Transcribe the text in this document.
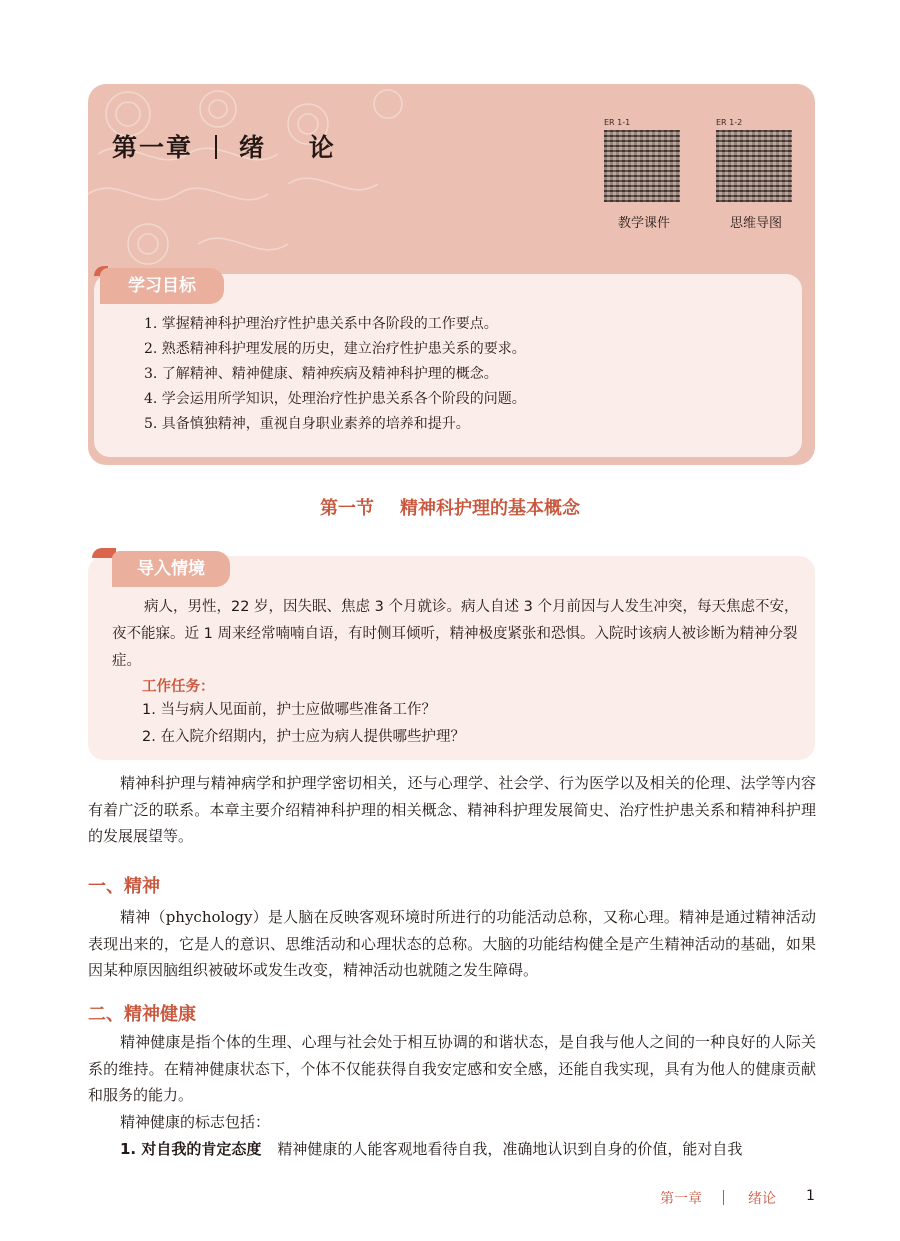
第一章 绪 论
ER 1-1
教学课件
ER 1-2
思维导图
学习目标
1. 掌握精神科护理治疗性护患关系中各阶段的工作要点。
2. 熟悉精神科护理发展的历史，建立治疗性护患关系的要求。
3. 了解精神、精神健康、精神疾病及精神科护理的概念。
4. 学会运用所学知识，处理治疗性护患关系各个阶段的问题。
5. 具备慎独精神，重视自身职业素养的培养和提升。
第一节 精神科护理的基本概念
导入情境

病人，男性，22 岁，因失眠、焦虑 3 个月就诊。病人自述 3 个月前因与人发生冲突，每天焦虑不安，夜不能寐。近 1 周来经常喃喃自语，有时侧耳倾听，精神极度紧张和恐惧。入院时该病人被诊断为精神分裂症。

工作任务：
1. 当与病人见面前，护士应做哪些准备工作？
2. 在入院介绍期内，护士应为病人提供哪些护理？

精神科护理与精神病学和护理学密切相关，还与心理学、社会学、行为医学以及相关的伦理、法学等内容有着广泛的联系。本章主要介绍精神科护理的相关概念、精神科护理发展简史、治疗性护患关系和精神科护理的发展展望等。

一、精神

精神（phychology）是人脑在反映客观环境时所进行的功能活动总称，又称心理。精神是通过精神活动表现出来的，它是人的意识、思维活动和心理状态的总称。大脑的功能结构健全是产生精神活动的基础，如果因某种原因脑组织被破坏或发生改变，精神活动也就随之发生障碍。

二、精神健康

精神健康是指个体的生理、心理与社会处于相互协调的和谐状态，是自我与他人之间的一种良好的人际关系的维持。在精神健康状态下，个体不仅能获得自我安定感和安全感，还能自我实现，具有为他人的健康贡献和服务的能力。

精神健康的标志包括：

1. 对自我的肯定态度 精神健康的人能客观地看待自我，准确地认识到自身的价值，能对自我
第一章	绪论 1
